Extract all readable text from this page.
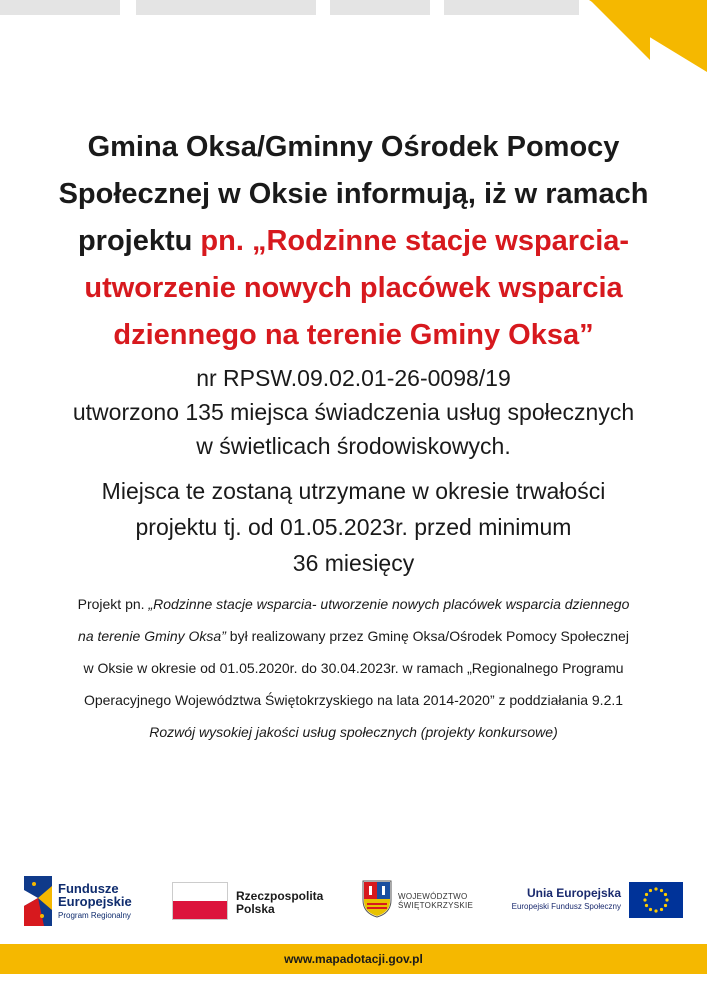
Gmina Oksa/Gminny Ośrodek Pomocy
Społecznej w Oksie informują, iż w ramach
projektu pn. „Rodzinne stacje wsparcia-
utworzenie nowych placówek wsparcia
dziennego na terenie Gminy Oksa”

nr RPSW.09.02.01-26-0098/19

utworzono 135 miejsca świadczenia usług społecznych
w świetlicach środowiskowych.

Miejsca te zostaną utrzymane w okresie trwałości
projektu tj. od 01.05.2023r. przed minimum
36 miesięcy

Projekt pn. „Rodzinne stacje wsparcia- utworzenie nowych placówek wsparcia dziennego
na terenie Gminy Oksa” był realizowany przez Gminę Oksa/Ośrodek Pomocy Społecznej
w Oksie w okresie od 01.05.2020r. do 30.04.2023r. w ramach „Regionalnego Programu
Operacyjnego Województwa Świętokrzyskiego na lata 2014-2020” z poddziałania 9.2.1
Rozwój wysokiej jakości usług społecznych (projekty konkursowe)

Fundusze
Europejskie
Program Regionalny
Rzeczpospolita
Polska
WOJEWÓDZTWO
ŚWIĘTOKRZYSKIE
Unia Europejska
Europejski Fundusz Społeczny
www.mapadotacji.gov.pl
